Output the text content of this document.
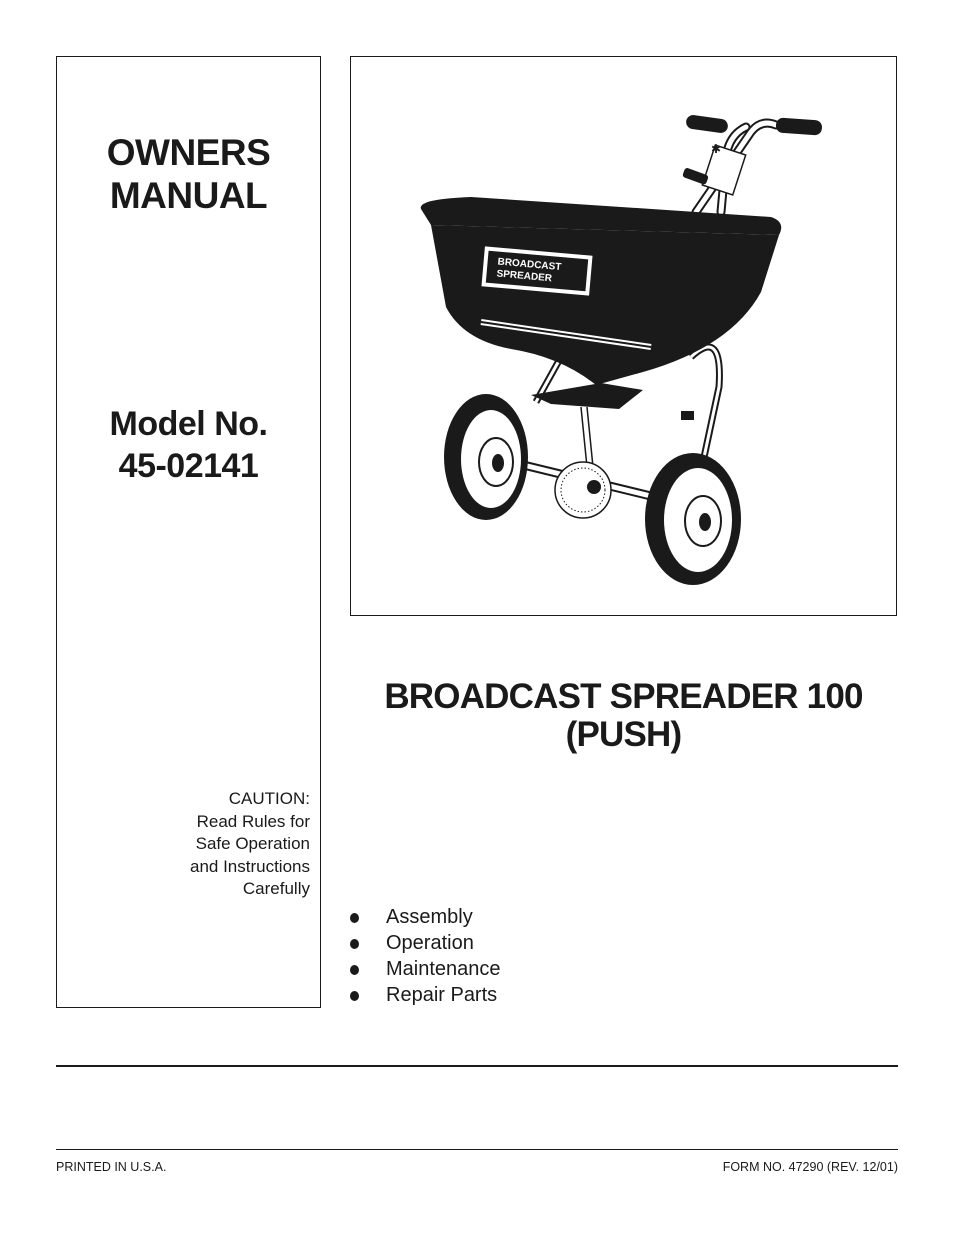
OWNERS
MANUAL
Model No.
45-02141

CAUTION:
Read Rules for
Safe Operation
and Instructions
Carefully

✱
BROADCAST
SPREADER
BROADCAST SPREADER 100
(PUSH)
Assembly
Operation
Maintenance
Repair Parts

PRINTED IN U.S.A.	FORM NO. 47290 (REV. 12/01)
